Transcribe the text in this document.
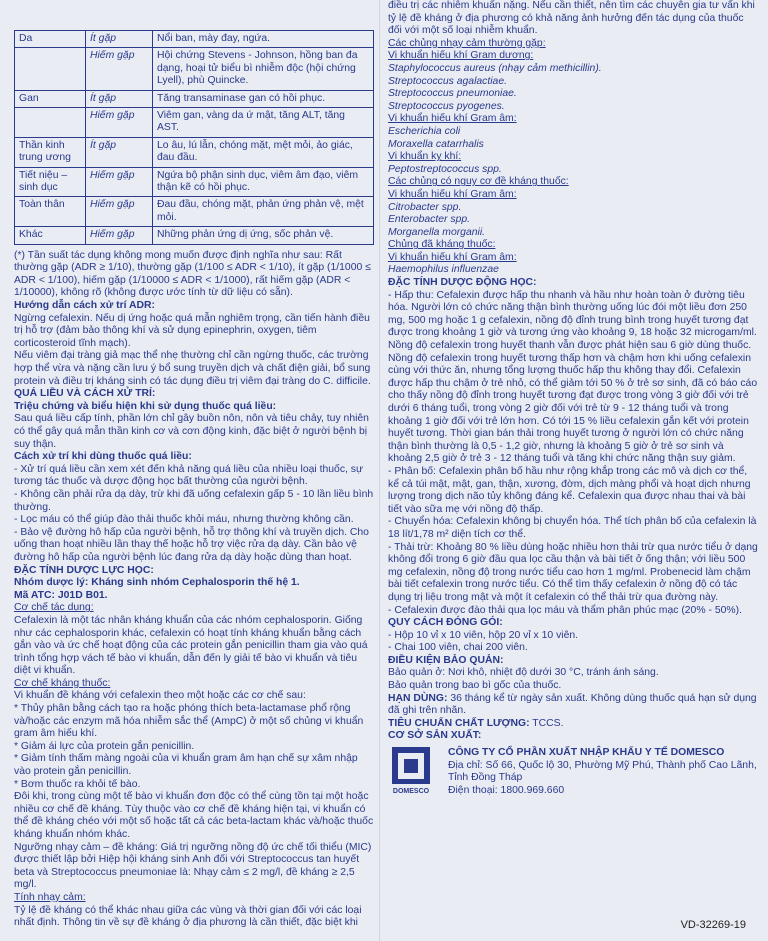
Da	Ít gặp	Nổi ban, mày đay, ngứa.
	Hiếm gặp	Hội chứng Stevens - Johnson, hồng ban đa dạng, hoại tử biểu bì nhiễm độc (hội chứng Lyell), phù Quincke.
Gan	Ít gặp	Tăng transaminase gan có hồi phục.
	Hiếm gặp	Viêm gan, vàng da ứ mật, tăng ALT, tăng AST.
Thần kinh trung ương	Ít gặp	Lo âu, lú lẫn, chóng mặt, mệt mỏi, ảo giác, đau đầu.
Tiết niệu – sinh dục	Hiếm gặp	Ngứa bộ phận sinh dục, viêm âm đạo, viêm thận kẽ có hồi phục.
Toàn thân	Hiếm gặp	Đau đầu, chóng mặt, phản ứng phản vệ, mệt mỏi.
Khác	Hiếm gặp	Những phản ứng dị ứng, sốc phản vệ.

(*) Tần suất tác dụng không mong muốn được định nghĩa như sau: Rất thường gặp (ADR ≥ 1/10), thường gặp (1/100 ≤ ADR < 1/10), ít gặp (1/1000 ≤ ADR < 1/100), hiếm gặp (1/10000 ≤ ADR < 1/1000), rất hiếm gặp (ADR < 1/10000), không rõ (không được ước tính từ dữ liệu có sẵn).

Hướng dẫn cách xử trí ADR:

Ngừng cefalexin. Nếu dị ứng hoặc quá mẫn nghiêm trọng, cần tiến hành điều trị hỗ trợ (đảm bảo thông khí và sử dụng epinephrin, oxygen, tiêm corticosteroid tĩnh mạch).

Nếu viêm đại tràng giả mạc thể nhẹ thường chỉ cần ngừng thuốc, các trường hợp thể vừa và nặng cần lưu ý bổ sung truyền dịch và chất điện giải, bổ sung protein và điều trị kháng sinh có tác dụng điều trị viêm đại tràng do C. difficile.

QUÁ LIỀU VÀ CÁCH XỬ TRÍ:

Triệu chứng và biểu hiện khi sử dụng thuốc quá liều:

Sau quá liều cấp tính, phần lớn chỉ gây buồn nôn, nôn và tiêu chảy, tuy nhiên có thể gây quá mẫn thần kinh cơ và cơn động kinh, đặc biệt ở người bệnh bị suy thận.

Cách xử trí khi dùng thuốc quá liều:

- Xử trí quá liều cần xem xét đến khả năng quá liều của nhiều loại thuốc, sự tương tác thuốc và dược động học bất thường của người bệnh.

- Không cần phải rửa dạ dày, trừ khi đã uống cefalexin gấp 5 - 10 lần liều bình thường.

- Lọc máu có thể giúp đào thải thuốc khỏi máu, nhưng thường không cần.

- Bảo vệ đường hô hấp của người bệnh, hỗ trợ thông khí và truyền dịch. Cho uống than hoạt nhiều lần thay thế hoặc hỗ trợ việc rửa dạ dày. Cần bảo vệ đường hô hấp của người bệnh lúc đang rửa dạ dày hoặc dùng than hoạt.

ĐẶC TÍNH DƯỢC LỰC HỌC:

Nhóm dược lý: Kháng sinh nhóm Cephalosporin thế hệ 1.

Mã ATC: J01D B01.

Cơ chế tác dụng:

Cefalexin là một tác nhân kháng khuẩn của các nhóm cephalosporin. Giống như các cephalosporin khác, cefalexin có hoạt tính kháng khuẩn bằng cách gắn vào và ức chế hoạt động của các protein gắn penicillin tham gia vào quá trình tổng hợp vách tế bào vi khuẩn, dẫn đến ly giải tế bào vi khuẩn và tiêu diệt vi khuẩn.

Cơ chế kháng thuốc:

Vi khuẩn đề kháng với cefalexin theo một hoặc các cơ chế sau:

* Thủy phân bằng cách tạo ra hoặc phóng thích beta-lactamase phổ rộng và/hoặc các enzym mã hóa nhiễm sắc thể (AmpC) ở một số chủng vi khuẩn gram âm hiếu khí.

* Giảm ái lực của protein gắn penicillin.

* Giảm tính thấm màng ngoài của vi khuẩn gram âm hạn chế sự xâm nhập vào protein gắn penicillin.

* Bơm thuốc ra khỏi tế bào.

Đôi khi, trong cùng một tế bào vi khuẩn đơn độc có thể cùng tồn tại một hoặc nhiều cơ chế đề kháng. Tùy thuộc vào cơ chế đề kháng hiện tại, vi khuẩn có thể đề kháng chéo với một số hoặc tất cả các beta-lactam khác và/hoặc thuốc kháng khuẩn nhóm khác.

Ngưỡng nhạy cảm – đề kháng: Giá trị ngưỡng nồng độ ức chế tối thiểu (MIC) được thiết lập bởi Hiệp hội kháng sinh Anh đối với Streptococcus tan huyết beta và Streptococcus pneumoniae là: Nhạy cảm ≤ 2 mg/l, đề kháng ≥ 2,5 mg/l.

Tính nhạy cảm:

Tỷ lệ đề kháng có thể khác nhau giữa các vùng và thời gian đối với các loại nhất định. Thông tin về sự đề kháng ở địa phương là cần thiết, đặc biệt khi

điều trị các nhiễm khuẩn nặng. Nếu cần thiết, nên tìm các chuyên gia tư vấn khi tỷ lệ đề kháng ở địa phương có khả năng ảnh hưởng đến tác dụng của thuốc đối với một số loại nhiễm khuẩn.

Các chủng nhạy cảm thường gặp:

Vi khuẩn hiếu khí Gram dương:

Staphylococcus aureus (nhạy cảm methicillin).

Streptococcus agalactiae.

Streptococcus pneumoniae.

Streptococcus pyogenes.

Vi khuẩn hiếu khí Gram âm:

Escherichia coli

Moraxella catarrhalis

Vi khuẩn kỵ khí:

Peptostreptococcus spp.

Các chủng có nguy cơ đề kháng thuốc:

Vi khuẩn hiếu khí Gram âm:

Citrobacter spp.

Enterobacter spp.

Morganella morganii.

Chủng đã kháng thuốc:

Vi khuẩn hiếu khí Gram âm:

Haemophilus influenzae

ĐẶC TÍNH DƯỢC ĐỘNG HỌC:

- Hấp thu: Cefalexin được hấp thu nhanh và hầu như hoàn toàn ở đường tiêu hóa. Người lớn có chức năng thận bình thường uống lúc đói một liều đơn 250 mg, 500 mg hoặc 1 g cefalexin, nồng độ đỉnh trung bình trong huyết tương đạt được trong khoảng 1 giờ và tương ứng vào khoảng 9, 18 hoặc 32 microgam/ml. Nồng độ cefalexin trong huyết thanh vẫn được phát hiện sau 6 giờ dùng thuốc. Nồng độ cefalexin trong huyết tương thấp hơn và chậm hơn khi uống cefalexin cùng với thức ăn, nhưng tổng lượng thuốc hấp thu không thay đổi. Cefalexin được hấp thu chậm ở trẻ nhỏ, có thể giảm tới 50 % ở trẻ sơ sinh, đã có báo cáo cho thấy nồng độ đỉnh trong huyết tương đạt được trong vòng 3 giờ đối với trẻ dưới 6 tháng tuổi, trong vòng 2 giờ đối với trẻ từ 9 - 12 tháng tuổi và trong khoảng 1 giờ đối với trẻ lớn hơn. Có tới 15 % liều cefalexin gắn kết với protein huyết tương. Thời gian bán thải trong huyết tương ở người lớn có chức năng thận bình thường là 0,5 - 1,2 giờ, nhưng là khoảng 5 giờ ở trẻ sơ sinh và khoảng 2,5 giờ ở trẻ 3 - 12 tháng tuổi và tăng khi chức năng thận suy giảm.

- Phân bố: Cefalexin phân bố hầu như rộng khắp trong các mô và dịch cơ thể, kể cả túi mật, mật, gan, thận, xương, đờm, dịch màng phổi và hoạt dịch nhưng lượng trong dịch não tủy không đáng kể. Cefalexin qua được nhau thai và bài tiết vào sữa mẹ với nồng độ thấp.

- Chuyển hóa: Cefalexin không bị chuyển hóa. Thể tích phân bố của cefalexin là 18 lít/1,78 m² diện tích cơ thể.

- Thải trừ: Khoảng 80 % liều dùng hoặc nhiều hơn thải trừ qua nước tiểu ở dạng không đổi trong 6 giờ đầu qua lọc cầu thận và bài tiết ở ống thận; với liều 500 mg cefalexin, nồng độ trong nước tiểu cao hơn 1 mg/ml. Probenecid làm chậm bài tiết cefalexin trong nước tiểu. Có thể tìm thấy cefalexin ở nồng độ có tác dụng trị liệu trong mật và một ít cefalexin có thể thải trừ qua đường này.

- Cefalexin được đào thải qua lọc máu và thẩm phân phúc mạc (20% - 50%).

QUY CÁCH ĐÓNG GÓI:

- Hộp 10 vỉ x 10 viên, hộp 20 vỉ x 10 viên.

- Chai 100 viên, chai 200 viên.

ĐIỀU KIỆN BẢO QUẢN:

Bảo quản ở: Nơi khô, nhiệt độ dưới 30 °C, tránh ánh sáng.

Bảo quản trong bao bì gốc của thuốc.

HẠN DÙNG: 36 tháng kể từ ngày sản xuất. Không dùng thuốc quá hạn sử dụng đã ghi trên nhãn.

TIÊU CHUẨN CHẤT LƯỢNG: TCCS.

CƠ SỞ SẢN XUẤT:

DOMESCO

CÔNG TY CỔ PHẦN XUẤT NHẬP KHẨU Y TẾ DOMESCO

Địa chỉ: Số 66, Quốc lộ 30, Phường Mỹ Phú, Thành phố Cao Lãnh,

Tỉnh Đồng Tháp

Điện thoại: 1800.969.660

VD-32269-19
